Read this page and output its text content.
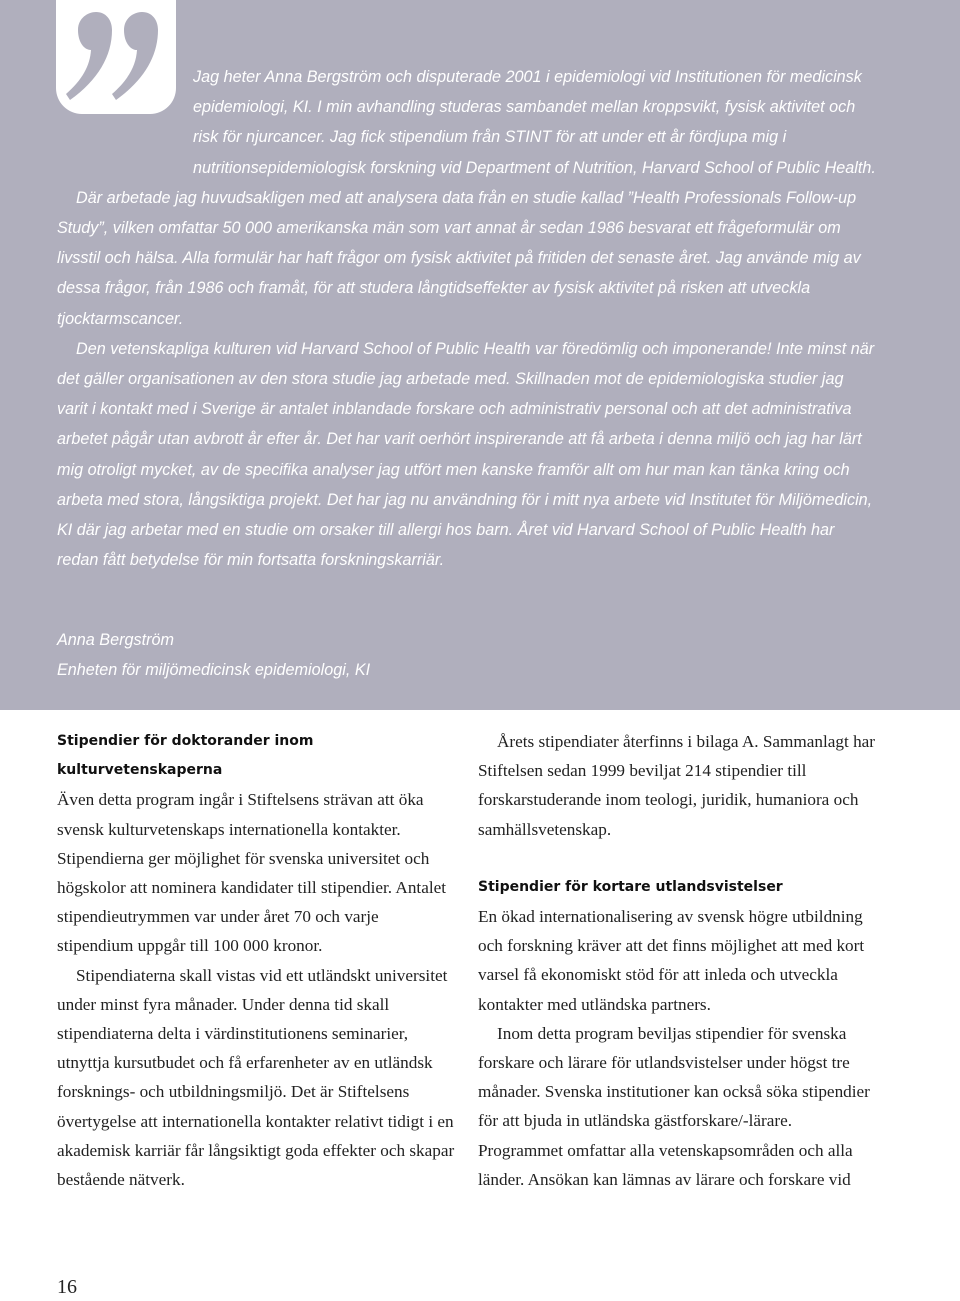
Jag heter Anna Bergström och disputerade 2001 i epidemiologi vid Institutionen för medicinsk epidemiologi, KI. I min avhandling studeras sambandet mellan kroppsvikt, fysisk aktivitet och risk för njurcancer. Jag fick stipendium från STINT för att under ett år fördjupa mig i nutritionsepidemiologisk forskning vid Department of Nutrition, Harvard School of Public Health.

Där arbetade jag huvudsakligen med att analysera data från en studie kallad ”Health Professionals Follow-up Study”, vilken omfattar 50 000 amerikanska män som vart annat år sedan 1986 besvarat ett frågeformulär om livsstil och hälsa. Alla formulär har haft frågor om fysisk aktivitet på fritiden det senaste året. Jag använde mig av dessa frågor, från 1986 och framåt, för att studera långtidseffekter av fysisk aktivitet på risken att utveckla tjocktarmscancer.

Den vetenskapliga kulturen vid Harvard School of Public Health var föredömlig och imponerande! Inte minst när det gäller organisationen av den stora studie jag arbetade med. Skillnaden mot de epidemiologiska studier jag varit i kontakt med i Sverige är antalet inblandade forskare och administrativ personal och att det administrativa arbetet pågår utan avbrott år efter år. Det har varit oerhört inspirerande att få arbeta i denna miljö och jag har lärt mig otroligt mycket, av de specifika analyser jag utfört men kanske framför allt om hur man kan tänka kring och arbeta med stora, långsiktiga projekt. Det har jag nu användning för i mitt nya arbete vid Institutet för Miljömedicin, KI där jag arbetar med en studie om orsaker till allergi hos barn. Året vid Harvard School of Public Health har redan fått betydelse för min fortsatta forskningskarriär.

Anna Bergström
Enheten för miljömedicinsk epidemiologi, KI
Stipendier för doktorander inom kulturvetenskaperna

Även detta program ingår i Stiftelsens strävan att öka svensk kulturvetenskaps internationella kontakter. Stipendierna ger möjlighet för svenska universitet och högskolor att nominera kandidater till stipendier. Antalet stipendieutrymmen var under året 70 och varje stipendium uppgår till 100 000 kronor.

Stipendiaterna skall vistas vid ett utländskt universitet under minst fyra månader. Under denna tid skall stipendiaterna delta i värdinstitutionens seminarier, utnyttja kursutbudet och få erfarenheter av en utländsk forsknings- och utbildningsmiljö. Det är Stiftelsens övertygelse att internationella kontakter relativt tidigt i en akademisk karriär får långsiktigt goda effekter och skapar bestående nätverk.

Årets stipendiater återfinns i bilaga A. Sammanlagt har Stiftelsen sedan 1999 beviljat 214 stipendier till forskarstuderande inom teologi, juridik, humaniora och samhällsvetenskap.

Stipendier för kortare utlandsvistelser

En ökad internationalisering av svensk högre utbildning och forskning kräver att det finns möjlighet att med kort varsel få ekonomiskt stöd för att inleda och utveckla kontakter med utländska partners.

Inom detta program beviljas stipendier för svenska forskare och lärare för utlandsvistelser under högst tre månader. Svenska institutioner kan också söka stipendier för att bjuda in utländska gästforskare/-lärare. Programmet omfattar alla vetenskapsområden och alla länder. Ansökan kan lämnas av lärare och forskare vid

16
